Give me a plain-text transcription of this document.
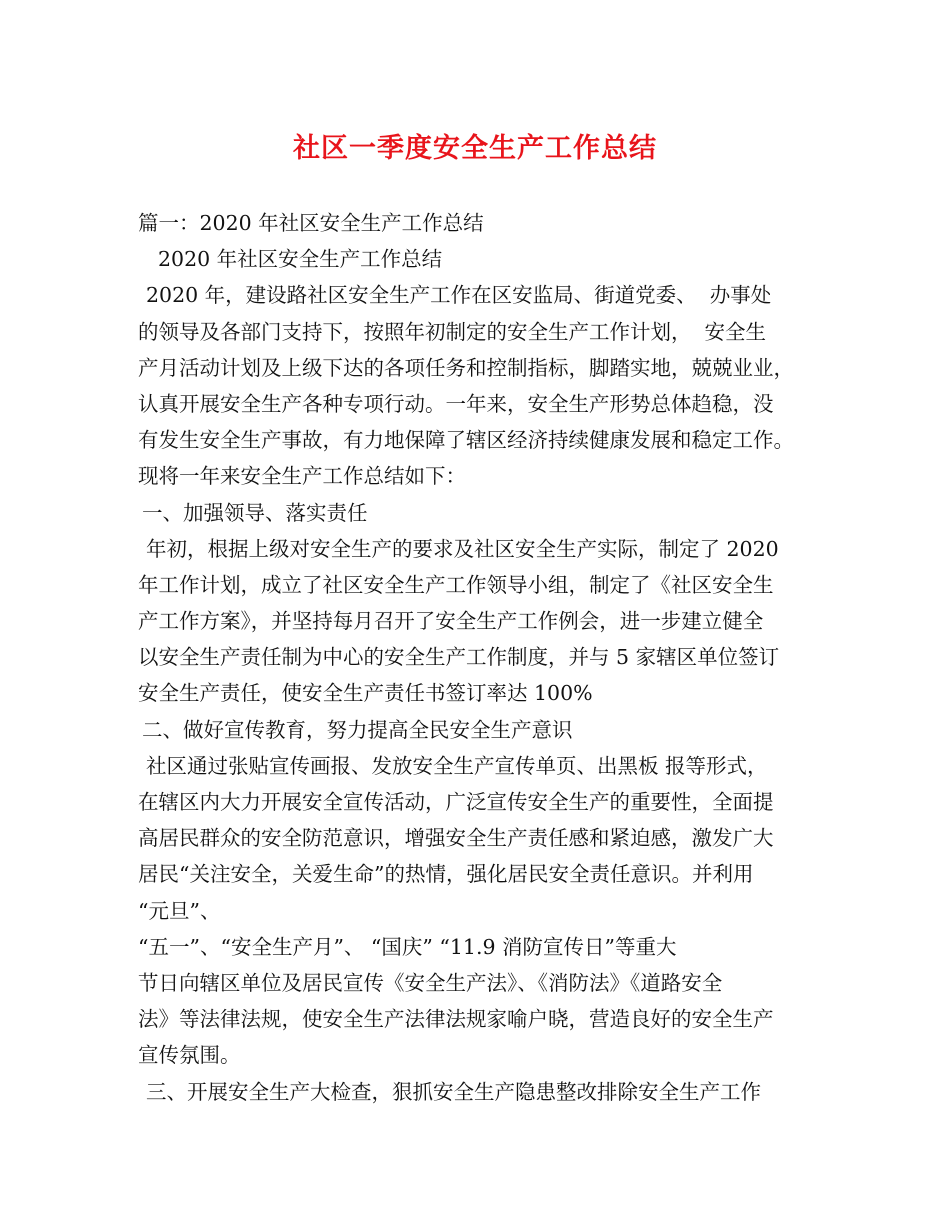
社区一季度安全生产工作总结
篇一：2020 年社区安全生产工作总结
2020 年社区安全生产工作总结
2020 年，建设路社区安全生产工作在区安监局、街道党委、  办事处
的领导及各部门支持下，按照年初制定的安全生产工作计划，  安全生
产月活动计划及上级下达的各项任务和控制指标，脚踏实地，兢兢业业，
认真开展安全生产各种专项行动。一年来，安全生产形势总体趋稳，没
有发生安全生产事故，有力地保障了辖区经济持续健康发展和稳定工作。
现将一年来安全生产工作总结如下：
一、加强领导、落实责任
年初，根据上级对安全生产的要求及社区安全生产实际，制定了 2020
年工作计划，成立了社区安全生产工作领导小组，制定了《社区安全生
产工作方案》，并坚持每月召开了安全生产工作例会，进一步建立健全
以安全生产责任制为中心的安全生产工作制度，并与 5 家辖区单位签订
安全生产责任，使安全生产责任书签订率达 100%
二、做好宣传教育，努力提高全民安全生产意识
社区通过张贴宣传画报、发放安全生产宣传单页、出黑板 报等形式，
在辖区内大力开展安全宣传活动，广泛宣传安全生产的重要性，全面提
高居民群众的安全防范意识，增强安全生产责任感和紧迫感，激发广大
居民“关注安全，关爱生命”的热情，强化居民安全责任意识。并利用
“元旦”、
“五一”、“安全生产月”、 “国庆” “11.9 消防宣传日”等重大
节日向辖区单位及居民宣传《安全生产法》、《消防法》《道路安全
法》等法律法规，使安全生产法律法规家喻户晓，营造良好的安全生产
宣传氛围。
三、开展安全生产大检查，狠抓安全生产隐患整改排除安全生产工作
